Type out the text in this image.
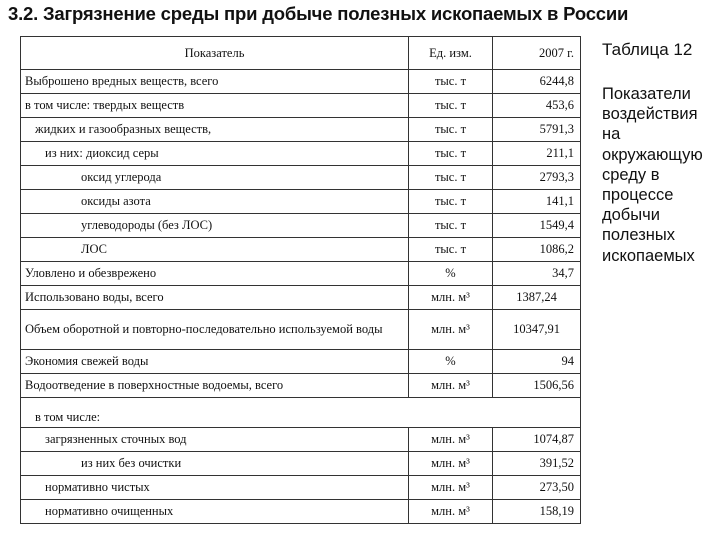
3.2. Загрязнение среды при добыче полезных ископаемых в России
Показатель	Ед. изм.	2007 г.
Выброшено вредных веществ, всего	тыс. т	6244,8
в том числе: твердых веществ	тыс. т	453,6
жидких и газообразных веществ,	тыс. т	5791,3
из них: диоксид серы	тыс. т	211,1
оксид углерода	тыс. т	2793,3
оксиды азота	тыс. т	141,1
углеводороды (без ЛОС)	тыс. т	1549,4
ЛОС	тыс. т	1086,2
Уловлено и обезврежено	%	34,7
Использовано воды, всего	млн. м³	1387,24
Объем оборотной и повторно-последовательно используемой воды	млн. м³	10347,91
Экономия свежей воды	%	94
Водоотведение в поверхностные водоемы, всего	млн. м³	1506,56
в том числе:		
загрязненных сточных вод	млн. м³	1074,87
из них без очистки	млн. м³	391,52
нормативно чистых	млн. м³	273,50
нормативно очищенных	млн. м³	158,19
Таблица 12
Показатели
воздействия
на
окружающую
среду в
процессе
добычи
полезных
ископаемых
